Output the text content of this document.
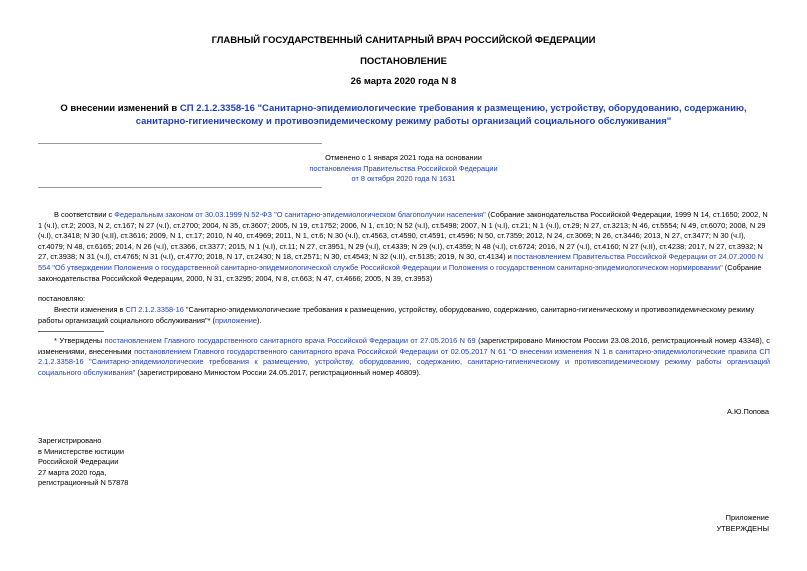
ГЛАВНЫЙ ГОСУДАРСТВЕННЫЙ САНИТАРНЫЙ ВРАЧ РОССИЙСКОЙ ФЕДЕРАЦИИ
ПОСТАНОВЛЕНИЕ
26 марта 2020 года N 8
О внесении изменений в СП 2.1.2.3358-16 "Санитарно-эпидемиологические требования к размещению, устройству, оборудованию, содержанию, санитарно-гигиеническому и противоэпидемическому режиму работы организаций социального обслуживания"
Отменено с 1 января 2021 года на основании
постановления Правительства Российской Федерации
от 8 октября 2020 года N 1631

В соответствии с Федеральным законом от 30.03.1999 N 52-ФЗ "О санитарно-эпидемиологическом благополучии населения" (Собрание законодательства Российской Федерации, 1999 N 14, ст.1650; 2002, N 1 (ч.I), ст.2; 2003, N 2, ст.167; N 27 (ч.I), ст.2700; 2004, N 35, ст.3607; 2005, N 19, ст.1752; 2006, N 1, ст.10; N 52 (ч.I), ст.5498; 2007, N 1 (ч.I), ст.21; N 1 (ч.I), ст.29; N 27, ст.3213; N 46, ст.5554; N 49, ст.6070; 2008, N 29 (ч.I), ст.3418; N 30 (ч.II), ст.3616; 2009, N 1, ст.17; 2010, N 40, ст.4969; 2011, N 1, ст.6; N 30 (ч.I), ст.4563, ст.4590, ст.4591, ст.4596; N 50, ст.7359; 2012, N 24, ст.3069; N 26, ст.3446; 2013, N 27, ст.3477; N 30 (ч.I), ст.4079; N 48, ст.6165; 2014, N 26 (ч.I), ст.3366, ст.3377; 2015, N 1 (ч.I), ст.11; N 27, ст.3951, N 29 (ч.I), ст.4339; N 29 (ч.I), ст.4359; N 48 (ч.I), ст.6724; 2016, N 27 (ч.I), ст.4160; N 27 (ч.II), ст.4238; 2017, N 27, ст.3932; N 27, ст.3938; N 31 (ч.I), ст.4765; N 31 (ч.I), ст.4770; 2018, N 17, ст.2430; N 18, ст.2571; N 30, ст.4543; N 32 (ч.II), ст.5135; 2019, N 30, ст.4134) и постановлением Правительства Российской Федерации от 24.07.2000 N 554 "Об утверждении Положения о государственной санитарно-эпидемиологической службе Российской Федерации и Положения о государственном санитарно-эпидемиологическом нормировании" (Собрание законодательства Российской Федерации, 2000, N 31, ст.3295; 2004, N 8, ст.663; N 47, ст.4666; 2005, N 39, ст.3953)

постановляю:

Внести изменения в СП 2.1.2.3358-16 "Санитарно-эпидемиологические требования к размещению, устройству, оборудованию, содержанию, санитарно-гигиеническому и противоэпидемическому режиму работы организаций социального обслуживания"* (приложение).

* Утверждены постановлением Главного государственного санитарного врача Российской Федерации от 27.05.2016 N 69 (зарегистрировано Минюстом России 23.08.2016, регистрационный номер 43348), с изменениями, внесенными постановлением Главного государственного санитарного врача Российской Федерации от 02.05.2017 N 61 "О внесении изменения N 1 в санитарно-эпидемиологические правила СП 2.1.2.3358-16 "Санитарно-эпидемиологические требования к размещению, устройству, оборудованию, содержанию, санитарно-гигиеническому и противоэпидемическому режиму работы организаций социального обслуживания" (зарегистрировано Минюстом России 24.05.2017, регистрационный номер 46809).

А.Ю.Попова
Зарегистрировано
в Министерстве юстиции
Российской Федерации
27 марта 2020 года,
регистрационный N 57878
Приложение
УТВЕРЖДЕНЫ
